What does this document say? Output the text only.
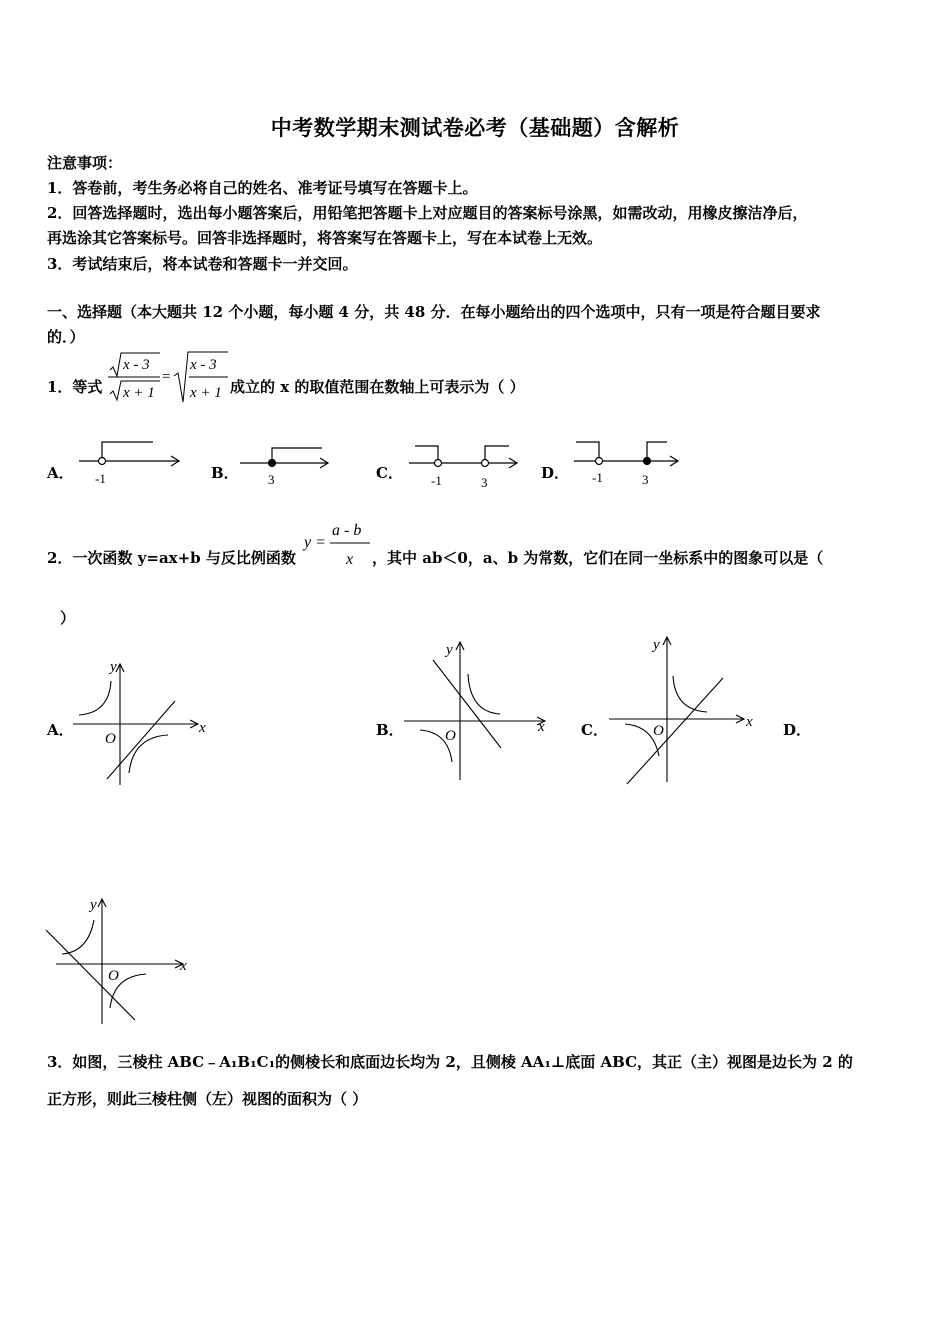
中考数学期末测试卷必考（基础题）含解析
注意事项：
1．答卷前，考生务必将自己的姓名、准考证号填写在答题卡上。
2．回答选择题时，选出每小题答案后，用铅笔把答题卡上对应题目的答案标号涂黑，如需改动，用橡皮擦洁净后，
再选涂其它答案标号。回答非选择题时，将答案写在答题卡上，写在本试卷上无效。
3．考试结束后，将本试卷和答题卡一并交回。
一、选择题（本大题共 12 个小题，每小题 4 分，共 48 分．在每小题给出的四个选项中，只有一项是符合题目要求
的．）
1．等式
x - 3
x + 1
=
x - 3
x + 1 成立的 x 的取值范围在数轴上可表示为（ ）
A． -1	B． 3	C． -1	3
D． -1	3
2．一次函数 y=ax+b 与反比例函数
y =
a - b
x ，其中 ab＜0，a、b 为常数，它们在同一坐标系中的图象可以是（
）
A．	x
y
O	B．	x
y
O	C．	x
y
O	D．
x
y
O
3．如图，三棱柱 ABC﹣A₁B₁C₁的侧棱长和底面边长均为 2，且侧棱 AA₁⊥底面 ABC，其正（主）视图是边长为 2 的
正方形，则此三棱柱侧（左）视图的面积为（ ）
